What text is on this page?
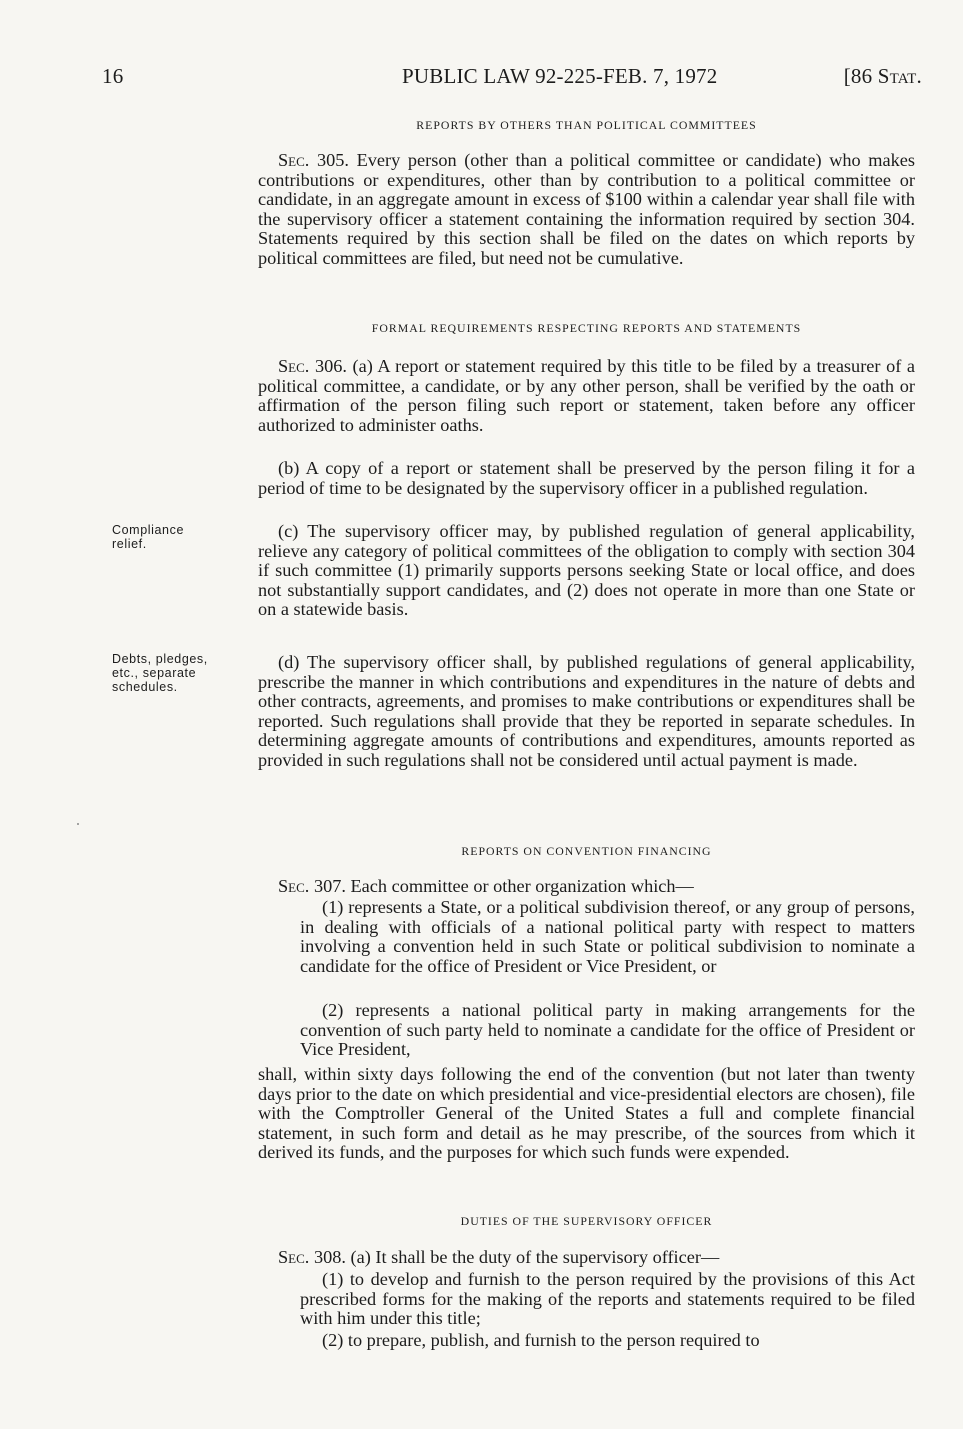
16	PUBLIC LAW 92-225-FEB. 7, 1972	[86 Stat.
REPORTS BY OTHERS THAN POLITICAL COMMITTEES
Sec. 305. Every person (other than a political committee or candidate) who makes contributions or expenditures, other than by contribution to a political committee or candidate, in an aggregate amount in excess of $100 within a calendar year shall file with the supervisory officer a statement containing the information required by section 304. Statements required by this section shall be filed on the dates on which reports by political committees are filed, but need not be cumulative.
FORMAL REQUIREMENTS RESPECTING REPORTS AND STATEMENTS
Sec. 306. (a) A report or statement required by this title to be filed by a treasurer of a political committee, a candidate, or by any other person, shall be verified by the oath or affirmation of the person filing such report or statement, taken before any officer authorized to administer oaths.
(b) A copy of a report or statement shall be preserved by the person filing it for a period of time to be designated by the supervisory officer in a published regulation.
Compliance
relief.
(c) The supervisory officer may, by published regulation of general applicability, relieve any category of political committees of the obligation to comply with section 304 if such committee (1) primarily supports persons seeking State or local office, and does not substantially support candidates, and (2) does not operate in more than one State or on a statewide basis.
Debts, pledges,
etc., separate
schedules.
(d) The supervisory officer shall, by published regulations of general applicability, prescribe the manner in which contributions and expenditures in the nature of debts and other contracts, agreements, and promises to make contributions or expenditures shall be reported. Such regulations shall provide that they be reported in separate schedules. In determining aggregate amounts of contributions and expenditures, amounts reported as provided in such regulations shall not be considered until actual payment is made.
REPORTS ON CONVENTION FINANCING
Sec. 307. Each committee or other organization which—
(1) represents a State, or a political subdivision thereof, or any group of persons, in dealing with officials of a national political party with respect to matters involving a convention held in such State or political subdivision to nominate a candidate for the office of President or Vice President, or
(2) represents a national political party in making arrangements for the convention of such party held to nominate a candidate for the office of President or Vice President,
shall, within sixty days following the end of the convention (but not later than twenty days prior to the date on which presidential and vice-presidential electors are chosen), file with the Comptroller General of the United States a full and complete financial statement, in such form and detail as he may prescribe, of the sources from which it derived its funds, and the purposes for which such funds were expended.
DUTIES OF THE SUPERVISORY OFFICER
Sec. 308. (a) It shall be the duty of the supervisory officer—
(1) to develop and furnish to the person required by the provisions of this Act prescribed forms for the making of the reports and statements required to be filed with him under this title;
(2) to prepare, publish, and furnish to the person required to
